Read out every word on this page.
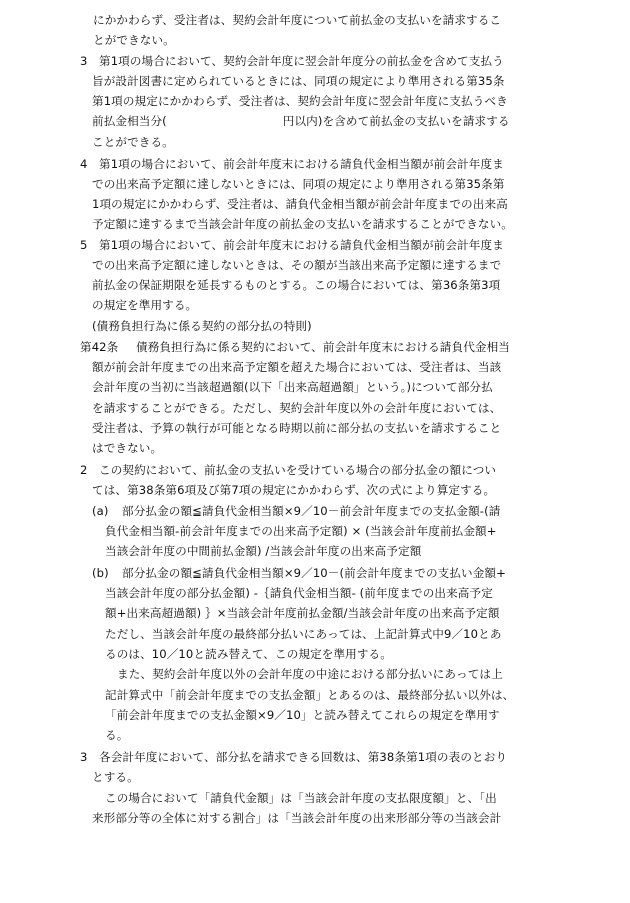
にかかわらず、受注者は、契約会計年度について前払金の支払いを請求するこ
とができない。
3 第1項の場合において、契約会計年度に翌会計年度分の前払金を含めて支払う
旨が設計図書に定められているときには、同項の規定により準用される第35条
第1項の規定にかかわらず、受注者は、契約会計年度に翌会計年度に支払うべき
前払金相当分(	円以内)を含めて前払金の支払いを請求する
ことができる。
4 第1項の場合において、前会計年度末における請負代金相当額が前会計年度ま
での出来高予定額に達しないときには、同項の規定により準用される第35条第
1項の規定にかかわらず、受注者は、請負代金相当額が前会計年度までの出来高
予定額に達するまで当該会計年度の前払金の支払いを請求することができない。
5 第1項の場合において、前会計年度末における請負代金相当額が前会計年度ま
での出来高予定額に達しないときは、その額が当該出来高予定額に達するまで
前払金の保証期限を延長するものとする。この場合においては、第36条第3項
の規定を準用する。
(債務負担行為に係る契約の部分払の特則)
第42条 債務負担行為に係る契約において、前会計年度末における請負代金相当
額が前会計年度までの出来高予定額を超えた場合においては、受注者は、当該
会計年度の当初に当該超過額(以下「出来高超過額」という。)について部分払
を請求することができる。ただし、契約会計年度以外の会計年度においては、
受注者は、予算の執行が可能となる時期以前に部分払の支払いを請求すること
はできない。
2 この契約において、前払金の支払いを受けている場合の部分払金の額につい
ては、第38条第6項及び第7項の規定にかかわらず、次の式により算定する。
(a) 部分払金の額≦請負代金相当額×9／10－前会計年度までの支払金額-(請
負代金相当額-前会計年度までの出来高予定額) × (当該会計年度前払金額+
当該会計年度の中間前払金額) /当該会計年度の出来高予定額
(b) 部分払金の額≦請負代金相当額×9／10－(前会計年度までの支払い金額+
当該会計年度の部分払金額) -｛請負代金相当額- (前年度までの出来高予定
額+出来高超過額) ｝×当該会計年度前払金額/当該会計年度の出来高予定額
ただし、当該会計年度の最終部分払いにあっては、上記計算式中9／10とあ
るのは、10／10と読み替えて、この規定を準用する。
また、契約会計年度以外の会計年度の中途における部分払いにあっては上
記計算式中「前会計年度までの支払金額」とあるのは、最終部分払い以外は、
「前会計年度までの支払金額×9／10」と読み替えてこれらの規定を準用す
る。
3 各会計年度において、部分払を請求できる回数は、第38条第1項の表のとおり
とする。
この場合において「請負代金額」は「当該会計年度の支払限度額」と、「出
来形部分等の全体に対する割合」は「当該会計年度の出来形部分等の当該会計
